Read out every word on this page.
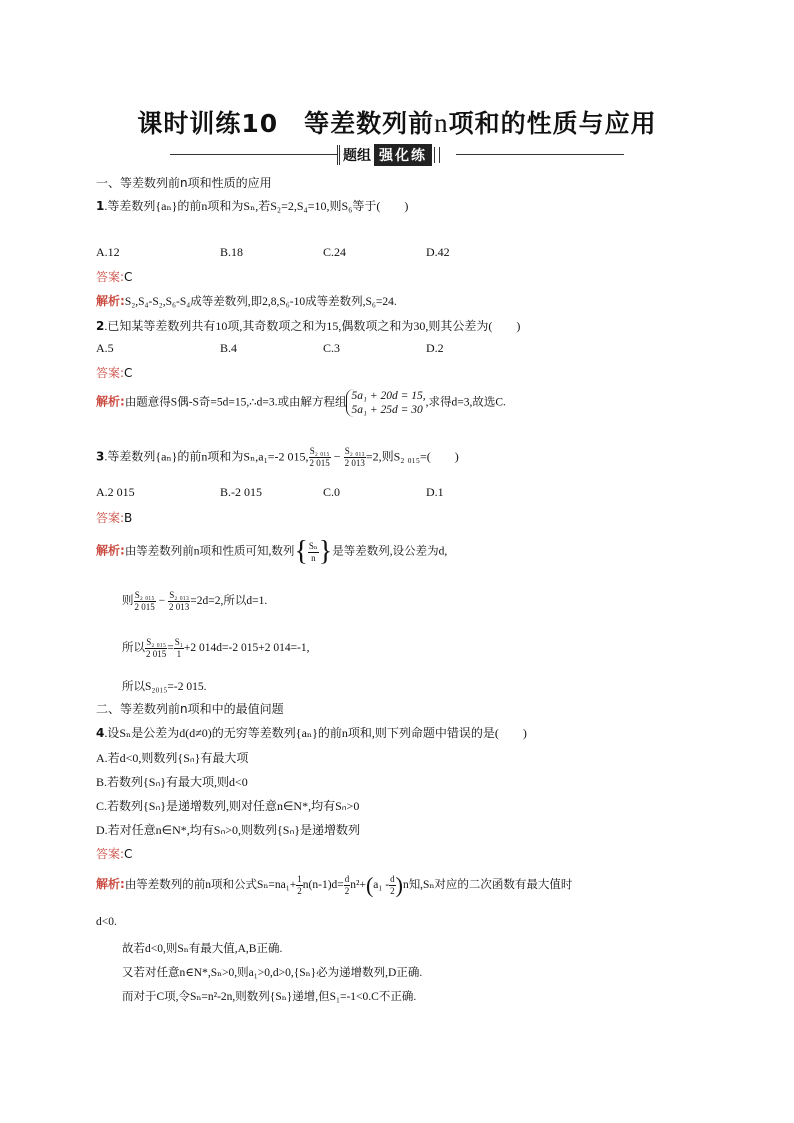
课时训练10　等差数列前n项和的性质与应用
题组 强化练
一、等差数列前n项和性质的应用
1.等差数列{aₙ}的前n项和为Sₙ,若S₂=2,S₄=10,则S₆等于(　　)
A.12	B.18	C.24	D.42
答案:C
解析:S₂,S₄-S₂,S₆-S₄成等差数列,即2,8,S₆-10成等差数列,S₆=24.
2.已知某等差数列共有10项,其奇数项之和为15,偶数项之和为30,则其公差为(　　)
A.5	B.4	C.3	D.2
答案:C
解析:由题意得S偶-S奇=5d=15,∴d=3.或由解方程组
5a₁ + 20d = 15,
5a₁ + 25d = 30
,求得d=3,故选C.
3.等差数列{aₙ}的前n项和为Sₙ,a₁=-2 015, $\frac{\text{S₂ ₀₁₅}}{2 015} - \frac{\text{S₂ ₀₁₃}}{2 013} =2$,则S₂ ₀₁₅=(　　)
A.2 015	B.-2 015	C.0	D.1
答案:B
解析:由等差数列前n项和性质可知,数列{ $\frac{\text{Sₙ}}{n}$ }是等差数列,设公差为d,
则 $\frac{\text{S₂ ₀₁₅}}{2 015} - \frac{\text{S₂ ₀₁₃}}{2 013} =2d=2$,所以d=1.
所以 $\frac{\text{S₂ ₀₁₅}}{2 015} = \frac{\text{S₁}}{1} +2$ 014d=-2 015+2 014=-1,
所以S₂₀₁₅=-2 015.
二、等差数列前n项和中的最值问题
4.设Sₙ是公差为d(d≠0)的无穷等差数列{aₙ}的前n项和,则下列命题中错误的是(　　)
A.若d<0,则数列{Sₙ}有最大项
B.若数列{Sₙ}有最大项,则d<0
C.若数列{Sₙ}是递增数列,则对任意n∈N*,均有Sₙ>0
D.若对任意n∈N*,均有Sₙ>0,则数列{Sₙ}是递增数列
答案:C
解析:由等差数列的前n项和公式$S_n=na_1+ \frac{1}{2} n(n-1)d= \frac{d}{2} n^2+(a_1 - \frac{d}{2} )n$知,Sₙ对应的二次函数有最大值时
d<0.
故若d<0,则Sₙ有最大值,A,B正确.
又若对任意n∈N*,Sₙ>0,则a₁>0,d>0,{Sₙ}必为递增数列,D正确.
而对于C项,令Sₙ=n²-2n,则数列{Sₙ}递增,但S₁=-1<0.C不正确.
